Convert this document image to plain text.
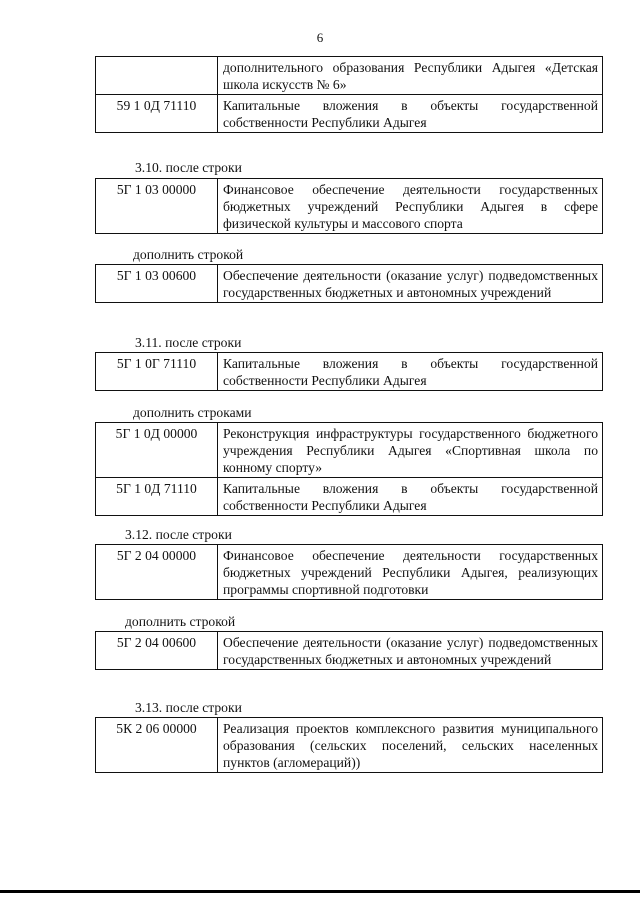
6
	дополнительного образования Республики Адыгея «Детская школа искусств № 6»
59 1 0Д 71110	Капитальные вложения в объекты государственной собственности Республики Адыгея
3.10. после строки
5Г 1 03 00000	Финансовое обеспечение деятельности государственных бюджетных учреждений Республики Адыгея в сфере физической культуры и массового спорта
дополнить строкой
5Г 1 03 00600	Обеспечение деятельности (оказание услуг) подведомственных государственных бюджетных и автономных учреждений
3.11. после строки
5Г 1 0Г 71110	Капитальные вложения в объекты государственной собственности Республики Адыгея
дополнить строками
5Г 1 0Д 00000	Реконструкция инфраструктуры государственного бюджетного учреждения Республики Адыгея «Спортивная школа по конному спорту»
5Г 1 0Д 71110	Капитальные вложения в объекты государственной собственности Республики Адыгея
3.12. после строки
5Г 2 04 00000	Финансовое обеспечение деятельности государственных бюджетных учреждений Республики Адыгея, реализующих программы спортивной подготовки
дополнить строкой
5Г 2 04 00600	Обеспечение деятельности (оказание услуг) подведомственных государственных бюджетных и автономных учреждений
3.13. после строки
5К 2 06 00000	Реализация проектов комплексного развития муниципального образования (сельских поселений, сельских населенных пунктов (агломераций))
